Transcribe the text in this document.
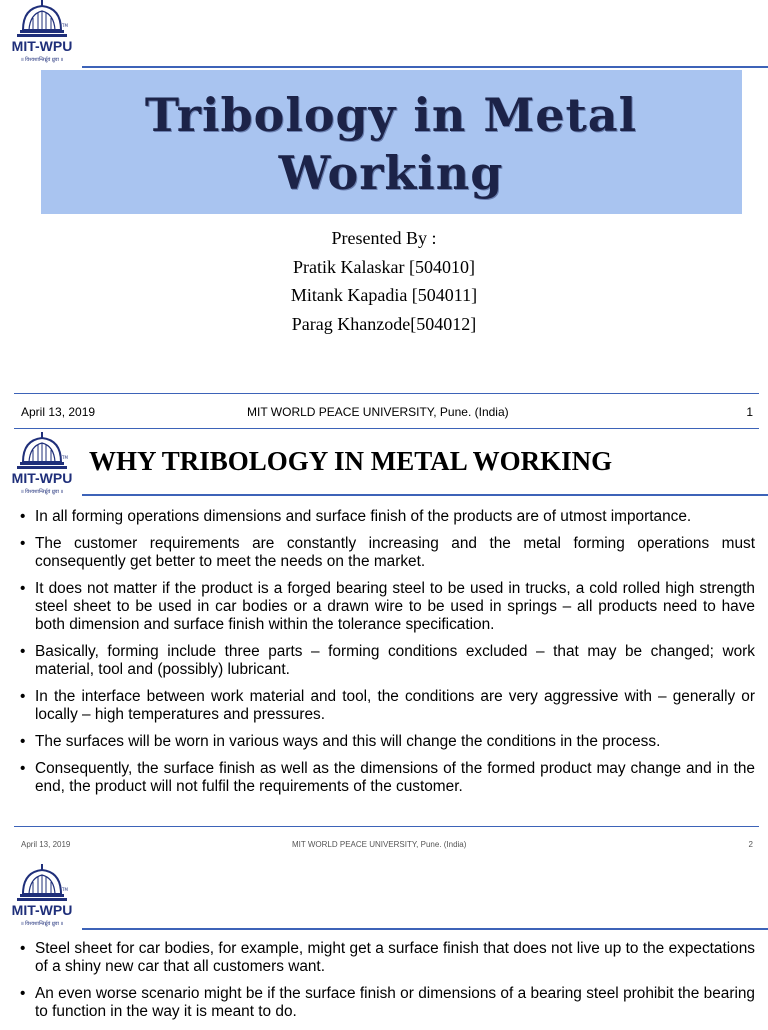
TM
MIT-WPU
॥ विश्वशान्तिर्ध्रुवं ध्रुवा ॥
Tribology in Metal Working
Presented By :
Pratik Kalaskar [504010]
Mitank Kapadia [504011]
Parag Khanzode[504012]
April 13, 2019	MIT WORLD PEACE UNIVERSITY, Pune. (India)	1
TM
MIT-WPU
॥ विश्वशान्तिर्ध्रुवं ध्रुवा ॥
WHY TRIBOLOGY IN METAL WORKING
• In all forming operations dimensions and surface finish of the products are of utmost importance.
• The customer requirements are constantly increasing and the metal forming operations must consequently get better to meet the needs on the market.
• It does not matter if the product is a forged bearing steel to be used in trucks, a cold rolled high strength steel sheet to be used in car bodies or a drawn wire to be used in springs – all products need to have both dimension and surface finish within the tolerance specification.
• Basically, forming include three parts – forming conditions excluded – that may be changed; work material, tool and (possibly) lubricant.
• In the interface between work material and tool, the conditions are very aggressive with – generally or locally – high temperatures and pressures.
• The surfaces will be worn in various ways and this will change the conditions in the process.
• Consequently, the surface finish as well as the dimensions of the formed product may change and in the end, the product will not fulfil the requirements of the customer.
April 13, 2019	MIT WORLD PEACE UNIVERSITY, Pune. (India)	2
TM
MIT-WPU
॥ विश्वशान्तिर्ध्रुवं ध्रुवा ॥
• Steel sheet for car bodies, for example, might get a surface finish that does not live up to the expectations of a shiny new car that all customers want.
• An even worse scenario might be if the surface finish or dimensions of a bearing steel prohibit the bearing to function in the way it is meant to do.
